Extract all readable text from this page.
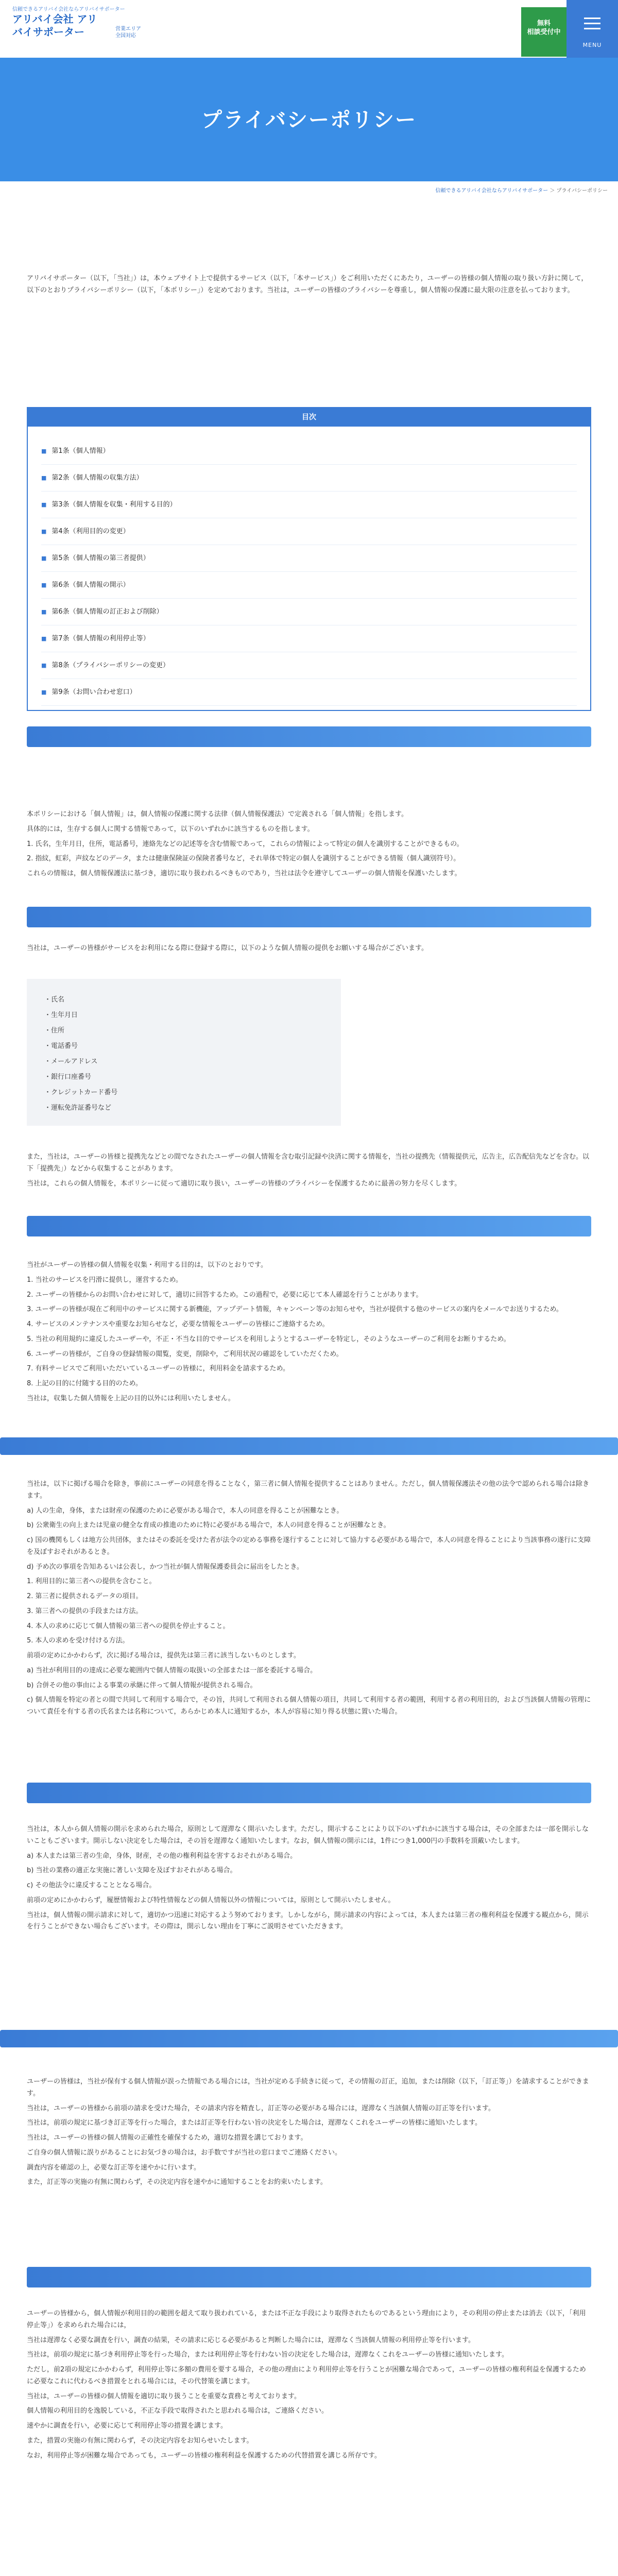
信頼できるアリバイ会社ならアリバイサポーター
アリバイ会社 アリバイサポーター	営業エリア
全国対応
無料
相談受付中
MENU
プライバシーポリシー
信頼できるアリバイ会社ならアリバイサポーター ＞ プライバシーポリシー
アリバイサポーター（以下，「当社」）は，本ウェブサイト上で提供するサービス（以下，「本サービス」）をご利用いただくにあたり，ユーザーの皆様の個人情報の取り扱い方針に関して，以下のとおりプライバシーポリシー（以下，「本ポリシー」）を定めております。当社は，ユーザーの皆様のプライバシーを尊重し，個人情報の保護に最大限の注意を払っております。
目次
■ 第1条（個人情報）
■ 第2条（個人情報の収集方法）
■ 第3条（個人情報を収集・利用する目的）
■ 第4条（利用目的の変更）
■ 第5条（個人情報の第三者提供）
■ 第6条（個人情報の開示）
■ 第6条（個人情報の訂正および削除）
■ 第7条（個人情報の利用停止等）
■ 第8条（プライバシーポリシーの変更）
■ 第9条（お問い合わせ窓口）

本ポリシーにおける「個人情報」は，個人情報の保護に関する法律（個人情報保護法）で定義される「個人情報」を指します。

具体的には，生存する個人に関する情報であって，以下のいずれかに該当するものを指します。

1. 氏名，生年月日，住所，電話番号，連絡先などの記述等を含む情報であって，これらの情報によって特定の個人を識別することができるもの。

2. 指紋，虹彩，声紋などのデータ，または健康保険証の保険者番号など，それ単体で特定の個人を識別することができる情報（個人識別符号）。

これらの情報は，個人情報保護法に基づき，適切に取り扱われるべきものであり，当社は法令を遵守してユーザーの個人情報を保護いたします。

当社は，ユーザーの皆様がサービスをお利用になる際に登録する際に，以下のような個人情報の提供をお願いする場合がございます。
・氏名
・生年月日
・住所
・電話番号
・メールアドレス
・銀行口座番号
・クレジットカード番号
・運転免許証番号など

また，当社は，ユーザーの皆様と提携先などとの間でなされたユーザーの個人情報を含む取引記録や決済に関する情報を，当社の提携先（情報提供元，広告主，広告配信先などを含む。以下「提携先」）などから収集することがあります。

当社は，これらの個人情報を，本ポリシーに従って適切に取り扱い，ユーザーの皆様のプライバシーを保護するために最善の努力を尽くします。

当社がユーザーの皆様の個人情報を収集・利用する目的は，以下のとおりです。

1. 当社のサービスを円滑に提供し，運営するため。

2. ユーザーの皆様からのお問い合わせに対して，適切に回答するため。この過程で，必要に応じて本人確認を行うことがあります。

3. ユーザーの皆様が現在ご利用中のサービスに関する新機能，アップデート情報，キャンペーン等のお知らせや，当社が提供する他のサービスの案内をメールでお送りするため。

4. サービスのメンテナンスや重要なお知らせなど，必要な情報をユーザーの皆様にご連絡するため。

5. 当社の利用規約に違反したユーザーや，不正・不当な目的でサービスを利用しようとするユーザーを特定し，そのようなユーザーのご利用をお断りするため。

6. ユーザーの皆様が，ご自身の登録情報の閲覧，変更，削除や，ご利用状況の確認をしていただくため。

7. 有料サービスでご利用いただいているユーザーの皆様に，利用料金を請求するため。

8. 上記の目的に付随する目的のため。

当社は，収集した個人情報を上記の目的以外には利用いたしません。

当社は，以下に掲げる場合を除き，事前にユーザーの同意を得ることなく，第三者に個人情報を提供することはありません。ただし，個人情報保護法その他の法令で認められる場合は除きます。

a) 人の生命，身体，または財産の保護のために必要がある場合で，本人の同意を得ることが困難なとき。

b) 公衆衛生の向上または児童の健全な育成の推進のために特に必要がある場合で，本人の同意を得ることが困難なとき。

c) 国の機関もしくは地方公共団体，またはその委託を受けた者が法令の定める事務を遂行することに対して協力する必要がある場合で，本人の同意を得ることにより当該事務の遂行に支障を及ぼすおそれがあるとき。

d) 予め次の事項を告知あるいは公表し，かつ当社が個人情報保護委員会に届出をしたとき。

1. 利用目的に第三者への提供を含むこと。

2. 第三者に提供されるデータの項目。

3. 第三者への提供の手段または方法。

4. 本人の求めに応じて個人情報の第三者への提供を停止すること。

5. 本人の求めを受け付ける方法。

前項の定めにかかわらず，次に掲げる場合は，提供先は第三者に該当しないものとします。

a) 当社が利用目的の達成に必要な範囲内で個人情報の取扱いの全部または一部を委託する場合。

b) 合併その他の事由による事業の承継に伴って個人情報が提供される場合。

c) 個人情報を特定の者との間で共同して利用する場合で，その旨，共同して利用される個人情報の項目，共同して利用する者の範囲，利用する者の利用目的，および当該個人情報の管理について責任を有する者の氏名または名称について，あらかじめ本人に通知するか，本人が容易に知り得る状態に置いた場合。

当社は，本人から個人情報の開示を求められた場合，原則として遅滞なく開示いたします。ただし，開示することにより以下のいずれかに該当する場合は，その全部または一部を開示しないこともございます。開示しない決定をした場合は，その旨を遅滞なく通知いたします。なお，個人情報の開示には，1件につき1,000円の手数料を頂戴いたします。

a) 本人または第三者の生命，身体，財産，その他の権利利益を害するおそれがある場合。

b) 当社の業務の適正な実施に著しい支障を及ぼすおそれがある場合。

c) その他法令に違反することとなる場合。

前項の定めにかかわらず，履歴情報および特性情報などの個人情報以外の情報については，原則として開示いたしません。

当社は，個人情報の開示請求に対して，適切かつ迅速に対応するよう努めております。しかしながら，開示請求の内容によっては，本人または第三者の権利利益を保護する観点から，開示を行うことができない場合もございます。その際は，開示しない理由を丁寧にご説明させていただきます。

ユーザーの皆様は，当社が保有する個人情報が誤った情報である場合には，当社が定める手続きに従って，その情報の訂正，追加，または削除（以下，「訂正等」）を請求することができます。

当社は，ユーザーの皆様から前項の請求を受けた場合，その請求内容を精査し，訂正等の必要がある場合には，遅滞なく当該個人情報の訂正等を行います。

当社は，前項の規定に基づき訂正等を行った場合，または訂正等を行わない旨の決定をした場合は，遅滞なくこれをユーザーの皆様に通知いたします。

当社は，ユーザーの皆様の個人情報の正確性を確保するため，適切な措置を講じております。

ご自身の個人情報に誤りがあることにお気づきの場合は，お手数ですが当社の窓口までご連絡ください。

調査内容を確認の上，必要な訂正等を速やかに行います。

また，訂正等の実施の有無に関わらず，その決定内容を速やかに通知することをお約束いたします。

ユーザーの皆様から，個人情報が利用目的の範囲を超えて取り扱われている，または不正な手段により取得されたものであるという理由により，その利用の停止または消去（以下，「利用停止等」）を求められた場合には，

当社は遅滞なく必要な調査を行い，調査の結果，その請求に応じる必要があると判断した場合には，遅滞なく当該個人情報の利用停止等を行います。

当社は，前項の規定に基づき利用停止等を行った場合，または利用停止等を行わない旨の決定をした場合は，遅滞なくこれをユーザーの皆様に通知いたします。

ただし，前2項の規定にかかわらず，利用停止等に多額の費用を要する場合，その他の理由により利用停止等を行うことが困難な場合であって，ユーザーの皆様の権利利益を保護するために必要なこれに代わるべき措置をとれる場合には，その代替策を講じます。

当社は，ユーザーの皆様の個人情報を適切に取り扱うことを重要な責務と考えております。

個人情報の利用目的を逸脱している，不正な手段で取得されたと思われる場合は，ご連絡ください。

速やかに調査を行い，必要に応じて利用停止等の措置を講じます。

また，措置の実施の有無に関わらず，その決定内容をお知らせいたします。

なお，利用停止等が困難な場合であっても，ユーザーの皆様の権利利益を保護するための代替措置を講じる所存です。
